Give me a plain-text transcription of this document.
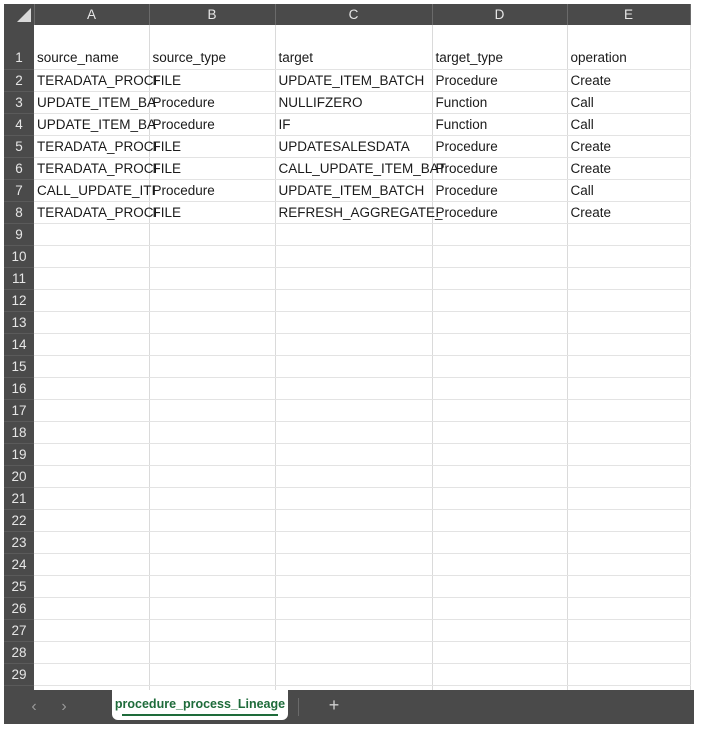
	A	B	C	D	E
1	source_name	source_type	target	target_type	operation
2	TERADATA_PROCI	FILE	UPDATE_ITEM_BATCH	Procedure	Create
3	UPDATE_ITEM_BA	Procedure	NULLIFZERO	Function	Call
4	UPDATE_ITEM_BA	Procedure	IF	Function	Call
5	TERADATA_PROCI	FILE	UPDATESALESDATA	Procedure	Create
6	TERADATA_PROCI	FILE	CALL_UPDATE_ITEM_BAT	Procedure	Create
7	CALL_UPDATE_ITI	Procedure	UPDATE_ITEM_BATCH	Procedure	Call
8	TERADATA_PROCI	FILE	REFRESH_AGGREGATE_	Procedure	Create
9					
10					
11					
12					
13					
14					
15					
16					
17					
18					
19					
20					
21					
22					
23					
24					
25					
26					
27					
28					
29					

‹	›	procedure_process_Lineage	+
